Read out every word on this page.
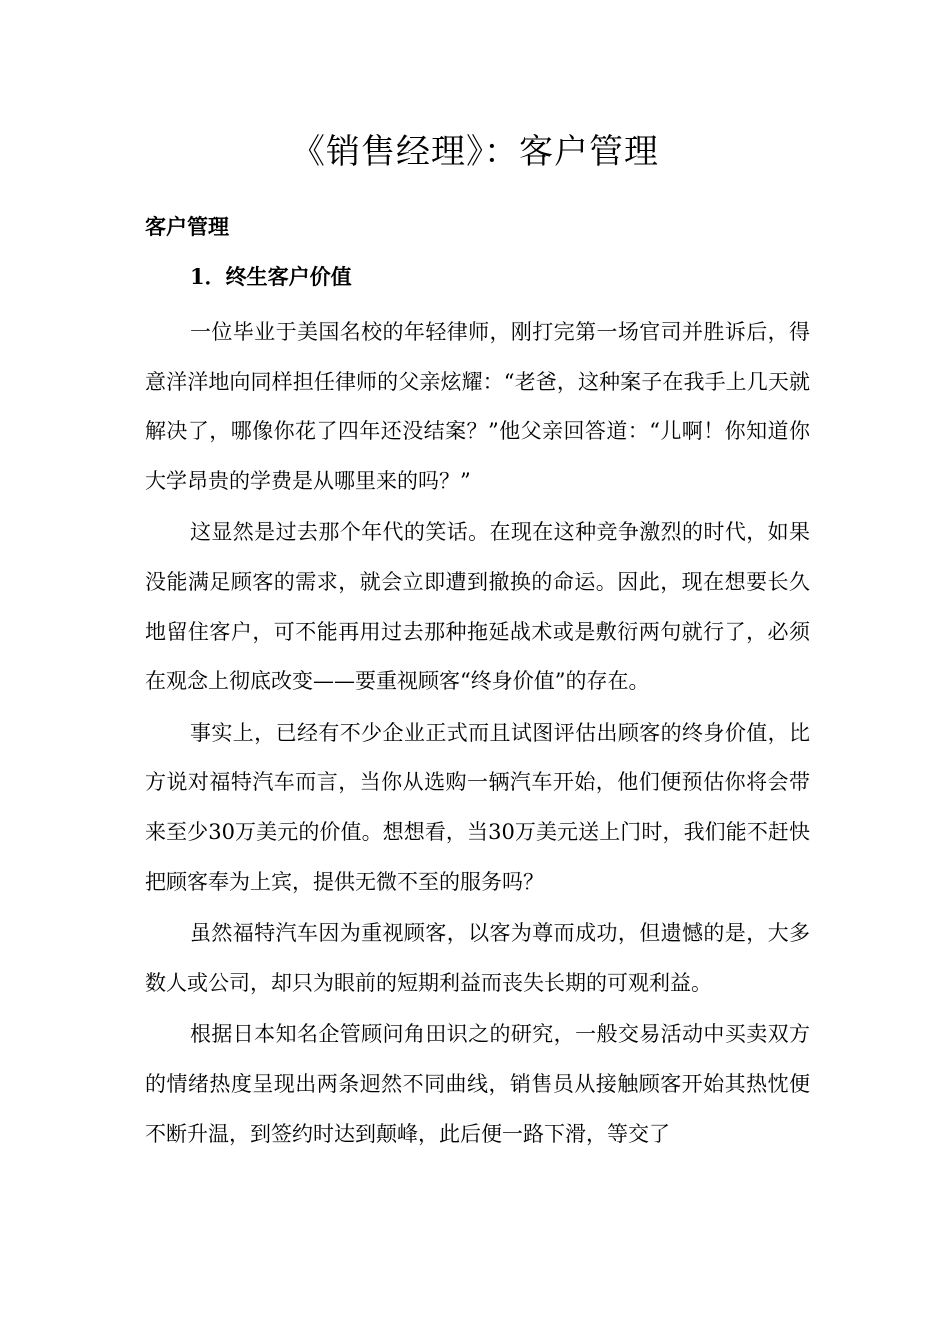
《销售经理》：客户管理
客户管理
1．终生客户价值

一位毕业于美国名校的年轻律师，刚打完第一场官司并胜诉后，得意洋洋地向同样担任律师的父亲炫耀：“老爸，这种案子在我手上几天就解决了，哪像你花了四年还没结案？”他父亲回答道：“儿啊！你知道你大学昂贵的学费是从哪里来的吗？”

这显然是过去那个年代的笑话。在现在这种竞争激烈的时代，如果没能满足顾客的需求，就会立即遭到撤换的命运。因此，现在想要长久地留住客户，可不能再用过去那种拖延战术或是敷衍两句就行了，必须在观念上彻底改变——要重视顾客“终身价值”的存在。

事实上，已经有不少企业正式而且试图评估出顾客的终身价值，比方说对福特汽车而言，当你从选购一辆汽车开始，他们便预估你将会带来至少30万美元的价值。想想看，当30万美元送上门时，我们能不赶快把顾客奉为上宾，提供无微不至的服务吗？

虽然福特汽车因为重视顾客，以客为尊而成功，但遗憾的是，大多数人或公司，却只为眼前的短期利益而丧失长期的可观利益。

根据日本知名企管顾问角田识之的研究，一般交易活动中买卖双方的情绪热度呈现出两条迥然不同曲线，销售员从接触顾客开始其热忱便不断升温，到签约时达到颠峰，此后便一路下滑，等交了
